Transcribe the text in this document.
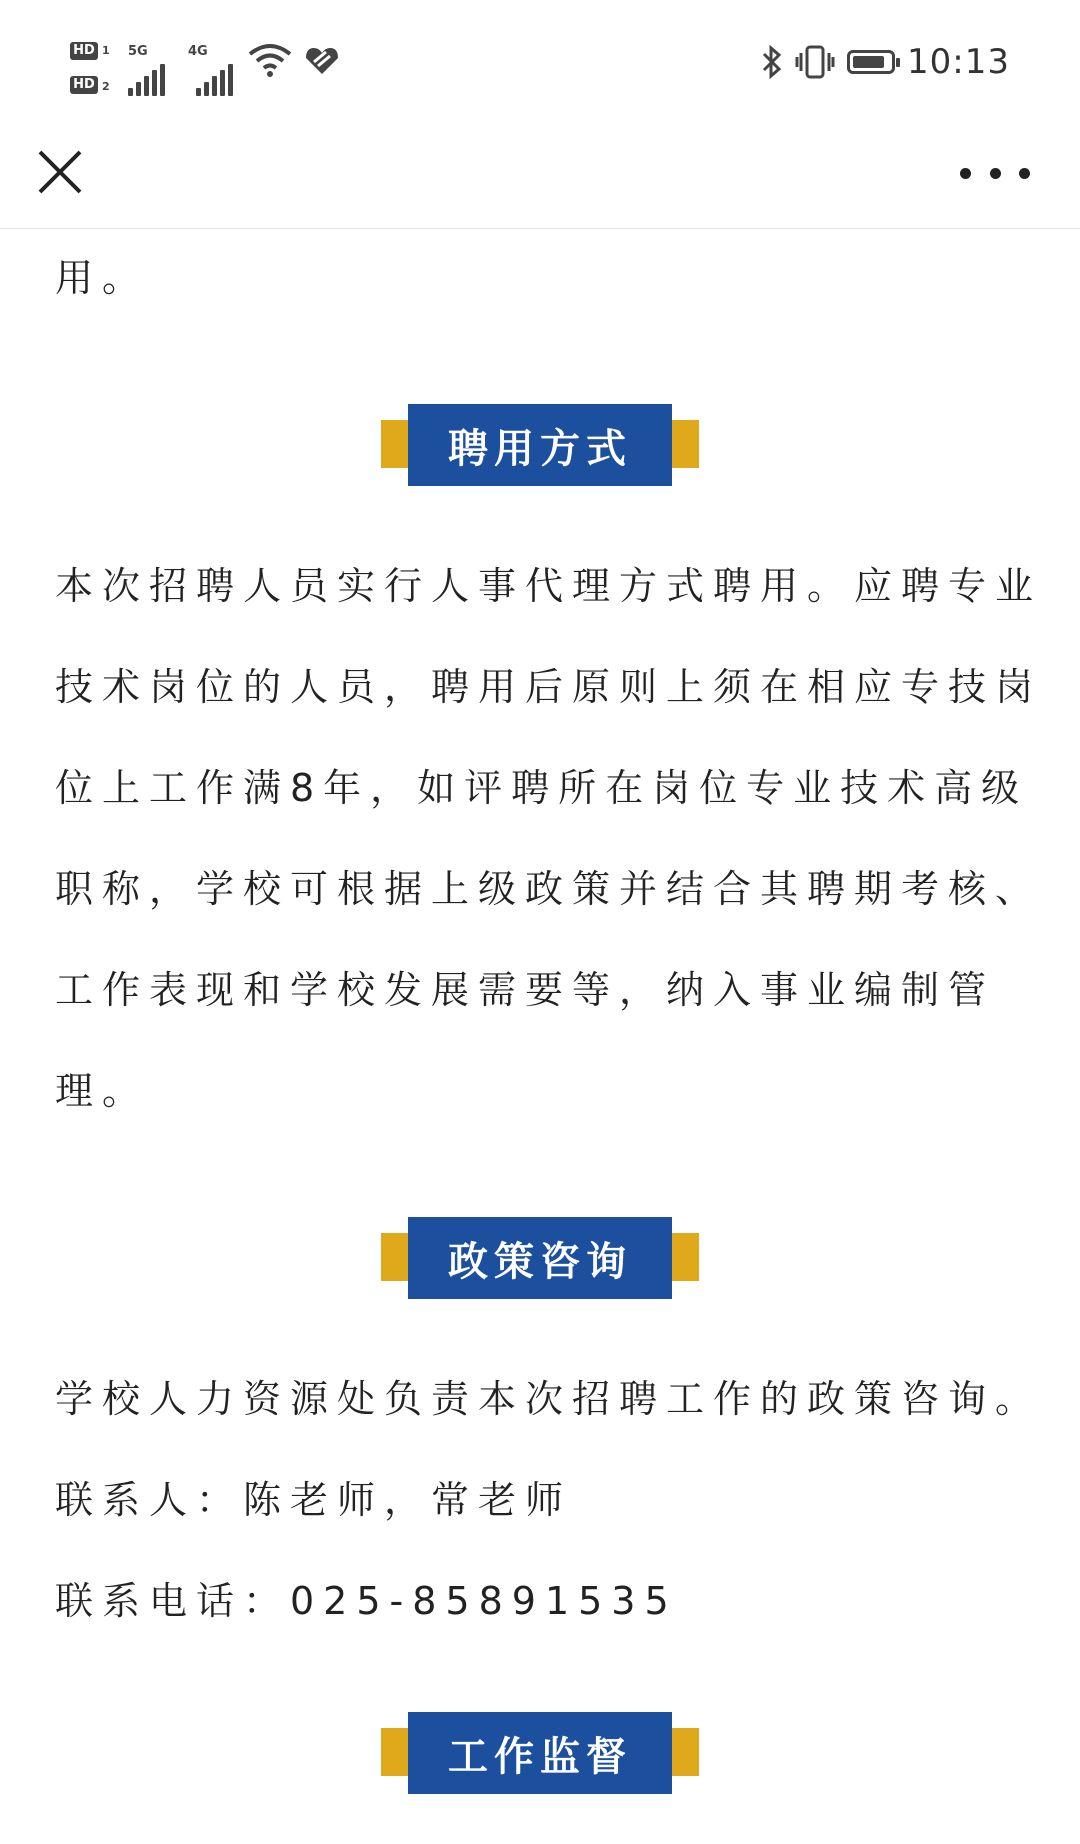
HD 1
HD 2
5G	4G	10:13

用。

聘用方式

本次招聘人员实行人事代理方式聘用。应聘专业
技术岗位的人员，聘用后原则上须在相应专技岗
位上工作满8年，如评聘所在岗位专业技术高级
职称，学校可根据上级政策并结合其聘期考核、
工作表现和学校发展需要等，纳入事业编制管
理。

政策咨询

学校人力资源处负责本次招聘工作的政策咨询。
联系人：陈老师，常老师
联系电话：025-85891535

工作监督
